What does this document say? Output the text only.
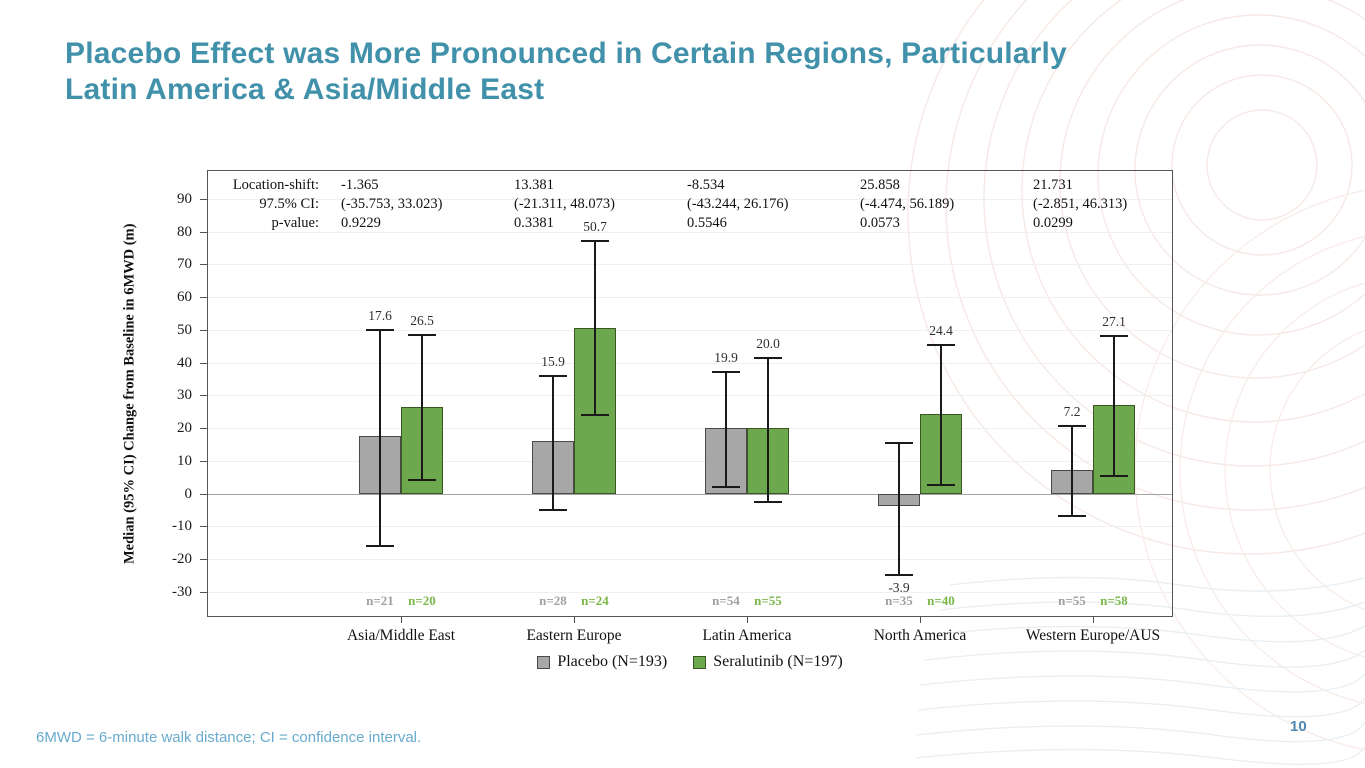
Placebo Effect was More Pronounced in Certain Regions, Particularly
Latin America & Asia/Middle East
Median (95% CI) Change from Baseline in 6MWD (m)
90
80
70
60
50
40
30
20
10
0
-10
-20
-30
Location-shift:
97.5% CI:
p-value:
-1.365
(-35.753, 33.023)
0.9229
17.6
n=21
26.5
n=20
Asia/Middle East
13.381
(-21.311, 48.073)
0.3381
15.9
n=28
50.7
n=24
Eastern Europe
-8.534
(-43.244, 26.176)
0.5546
19.9
n=54
20.0
n=55
Latin America
25.858
(-4.474, 56.189)
0.0573
-3.9
n=35
24.4
n=40
North America
21.731
(-2.851, 46.313)
0.0299
7.2
n=55
27.1
n=58
Western Europe/AUS
Placebo (N=193)	Seralutinib (N=197)
6MWD = 6-minute walk distance; CI = confidence interval.
10
